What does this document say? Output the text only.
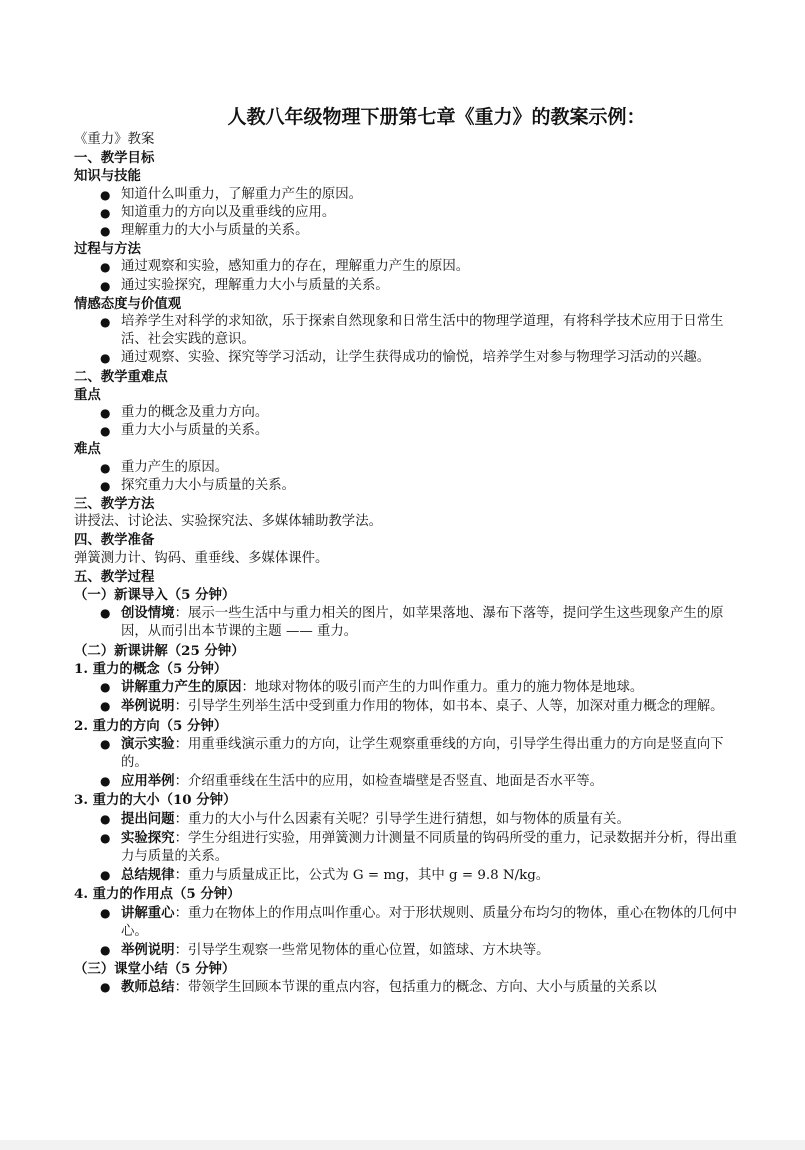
人教八年级物理下册第七章《重力》的教案示例：

《重力》教案

一、教学目标

知识与技能

● 知道什么叫重力，了解重力产生的原因。
● 知道重力的方向以及重垂线的应用。
● 理解重力的大小与质量的关系。

过程与方法

● 通过观察和实验，感知重力的存在，理解重力产生的原因。
● 通过实验探究，理解重力大小与质量的关系。

情感态度与价值观

● 培养学生对科学的求知欲，乐于探索自然现象和日常生活中的物理学道理，有将科学技术应用于日常生活、社会实践的意识。
● 通过观察、实验、探究等学习活动，让学生获得成功的愉悦，培养学生对参与物理学习活动的兴趣。

二、教学重难点

重点

● 重力的概念及重力方向。
● 重力大小与质量的关系。

难点

● 重力产生的原因。
● 探究重力大小与质量的关系。

三、教学方法

讲授法、讨论法、实验探究法、多媒体辅助教学法。

四、教学准备

弹簧测力计、钩码、重垂线、多媒体课件。

五、教学过程

（一）新课导入（5 分钟）

● 创设情境：展示一些生活中与重力相关的图片，如苹果落地、瀑布下落等，提问学生这些现象产生的原因，从而引出本节课的主题 —— 重力。

（二）新课讲解（25 分钟）

1. 重力的概念（5 分钟）

● 讲解重力产生的原因：地球对物体的吸引而产生的力叫作重力。重力的施力物体是地球。
● 举例说明：引导学生列举生活中受到重力作用的物体，如书本、桌子、人等，加深对重力概念的理解。

2. 重力的方向（5 分钟）

● 演示实验：用重垂线演示重力的方向，让学生观察重垂线的方向，引导学生得出重力的方向是竖直向下的。
● 应用举例：介绍重垂线在生活中的应用，如检查墙壁是否竖直、地面是否水平等。

3. 重力的大小（10 分钟）

● 提出问题：重力的大小与什么因素有关呢？引导学生进行猜想，如与物体的质量有关。
● 实验探究：学生分组进行实验，用弹簧测力计测量不同质量的钩码所受的重力，记录数据并分析，得出重力与质量的关系。
● 总结规律：重力与质量成正比，公式为 G = mg，其中 g = 9.8 N/kg。

4. 重力的作用点（5 分钟）

● 讲解重心：重力在物体上的作用点叫作重心。对于形状规则、质量分布均匀的物体，重心在物体的几何中心。
● 举例说明：引导学生观察一些常见物体的重心位置，如篮球、方木块等。

（三）课堂小结（5 分钟）

● 教师总结：带领学生回顾本节课的重点内容，包括重力的概念、方向、大小与质量的关系以
